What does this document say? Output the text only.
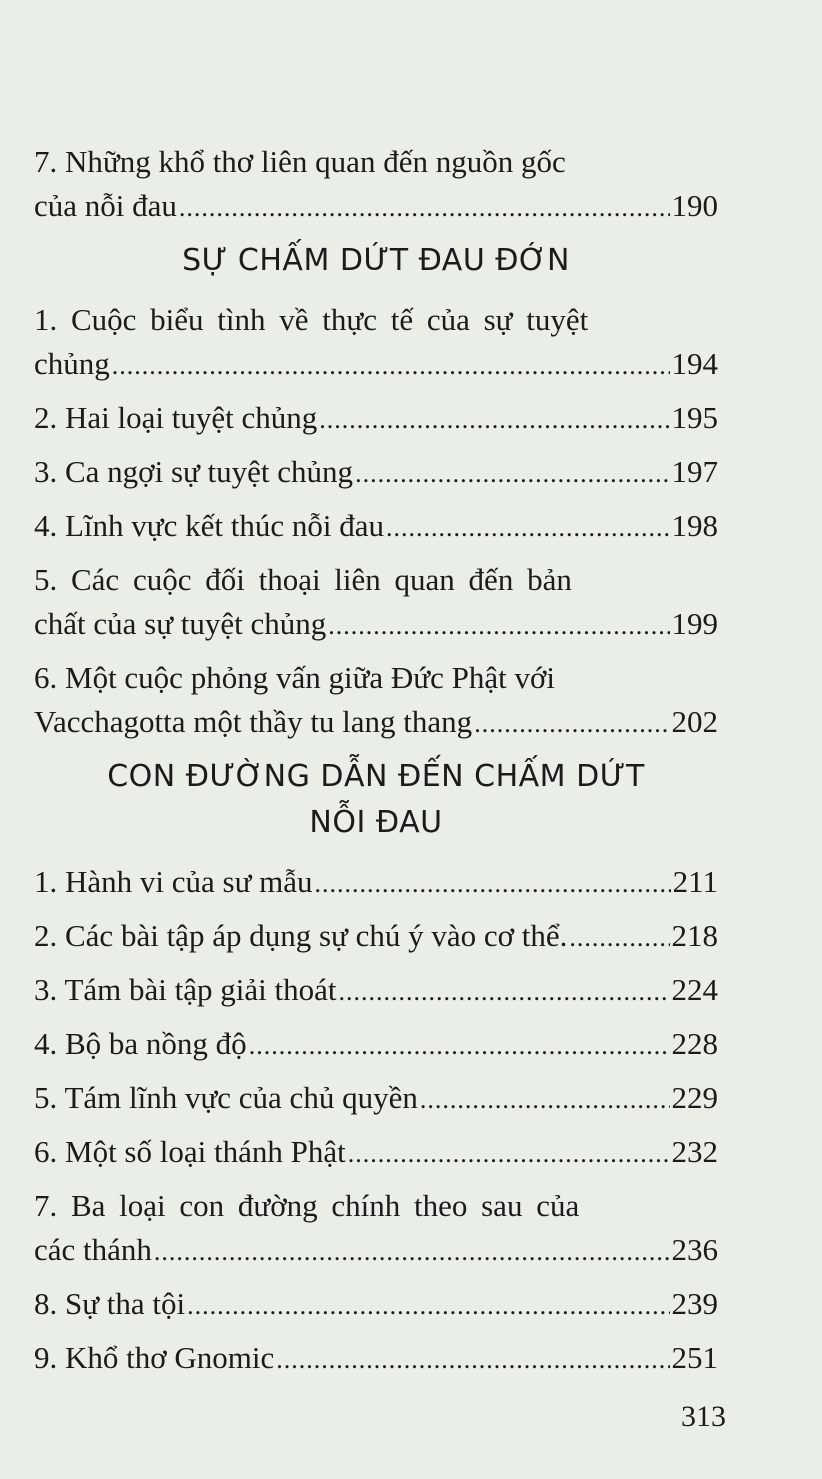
7. Những khổ thơ liên quan đến nguồn gốc
của nỗi đau .....	190
SỰ CHẤM DỨT ĐAU ĐỚN
1. Cuộc biểu tình về thực tế của sự tuyệt
chủng .....	194
2. Hai loại tuyệt chủng .....	195
3. Ca ngợi sự tuyệt chủng .....	197
4. Lĩnh vực kết thúc nỗi đau .....	198
5. Các cuộc đối thoại liên quan đến bản
chất của sự tuyệt chủng .....	199
6. Một cuộc phỏng vấn giữa Đức Phật với
Vacchagotta một thầy tu lang thang .....	202
CON ĐƯỜNG DẪN ĐẾN CHẤM DỨT
NỖI ĐAU
1. Hành vi của sư mẫu .....	211
2. Các bài tập áp dụng sự chú ý vào cơ thể. .....	218
3. Tám bài tập giải thoát .....	224
4. Bộ ba nồng độ .....	228
5. Tám lĩnh vực của chủ quyền .....	229
6. Một số loại thánh Phật .....	232
7. Ba loại con đường chính theo sau của
các thánh .....	236
8. Sự tha tội .....	239
9. Khổ thơ Gnomic .....	251
313
